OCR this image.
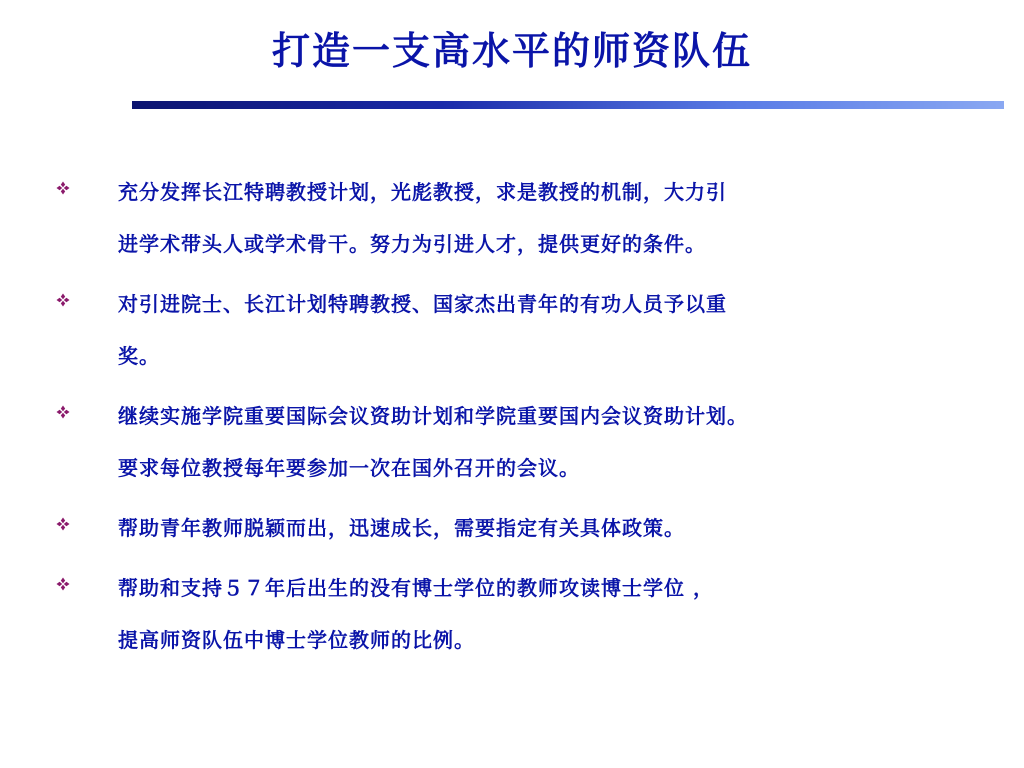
打造一支高水平的师资队伍
充分发挥长江特聘教授计划，光彪教授，求是教授的机制，大力引
进学术带头人或学术骨干。努力为引进人才，提供更好的条件。
对引进院士、长江计划特聘教授、国家杰出青年的有功人员予以重
奖。
继续实施学院重要国际会议资助计划和学院重要国内会议资助计划。
要求每位教授每年要参加一次在国外召开的会议。
帮助青年教师脱颖而出，迅速成长，需要指定有关具体政策。
帮助和支持５７年后出生的没有博士学位的教师攻读博士学位 ，
提高师资队伍中博士学位教师的比例。
